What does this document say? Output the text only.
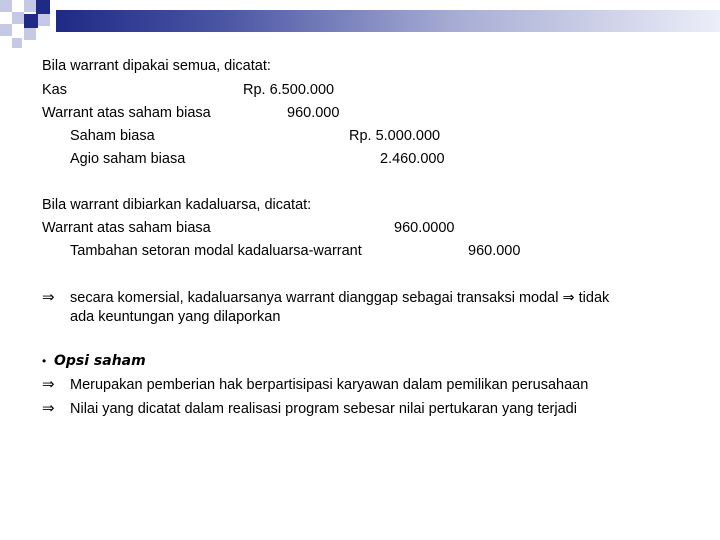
Bila warrant dipakai semua, dicatat:
Kas	Rp. 6.500.000
Warrant atas saham biasa	960.000
Saham biasa	Rp. 5.000.000
Agio saham biasa	2.460.000
Bila warrant dibiarkan kadaluarsa, dicatat:
Warrant atas saham biasa	960.0000
Tambahan setoran modal kadaluarsa-warrant	960.000
⇒ secara komersial, kadaluarsanya warrant dianggap sebagai transaksi modal ⇒ tidak
ada keuntungan yang dilaporkan
• Opsi saham
⇒ Merupakan pemberian hak berpartisipasi karyawan dalam pemilikan perusahaan
⇒ Nilai yang dicatat dalam realisasi program sebesar nilai pertukaran yang terjadi
